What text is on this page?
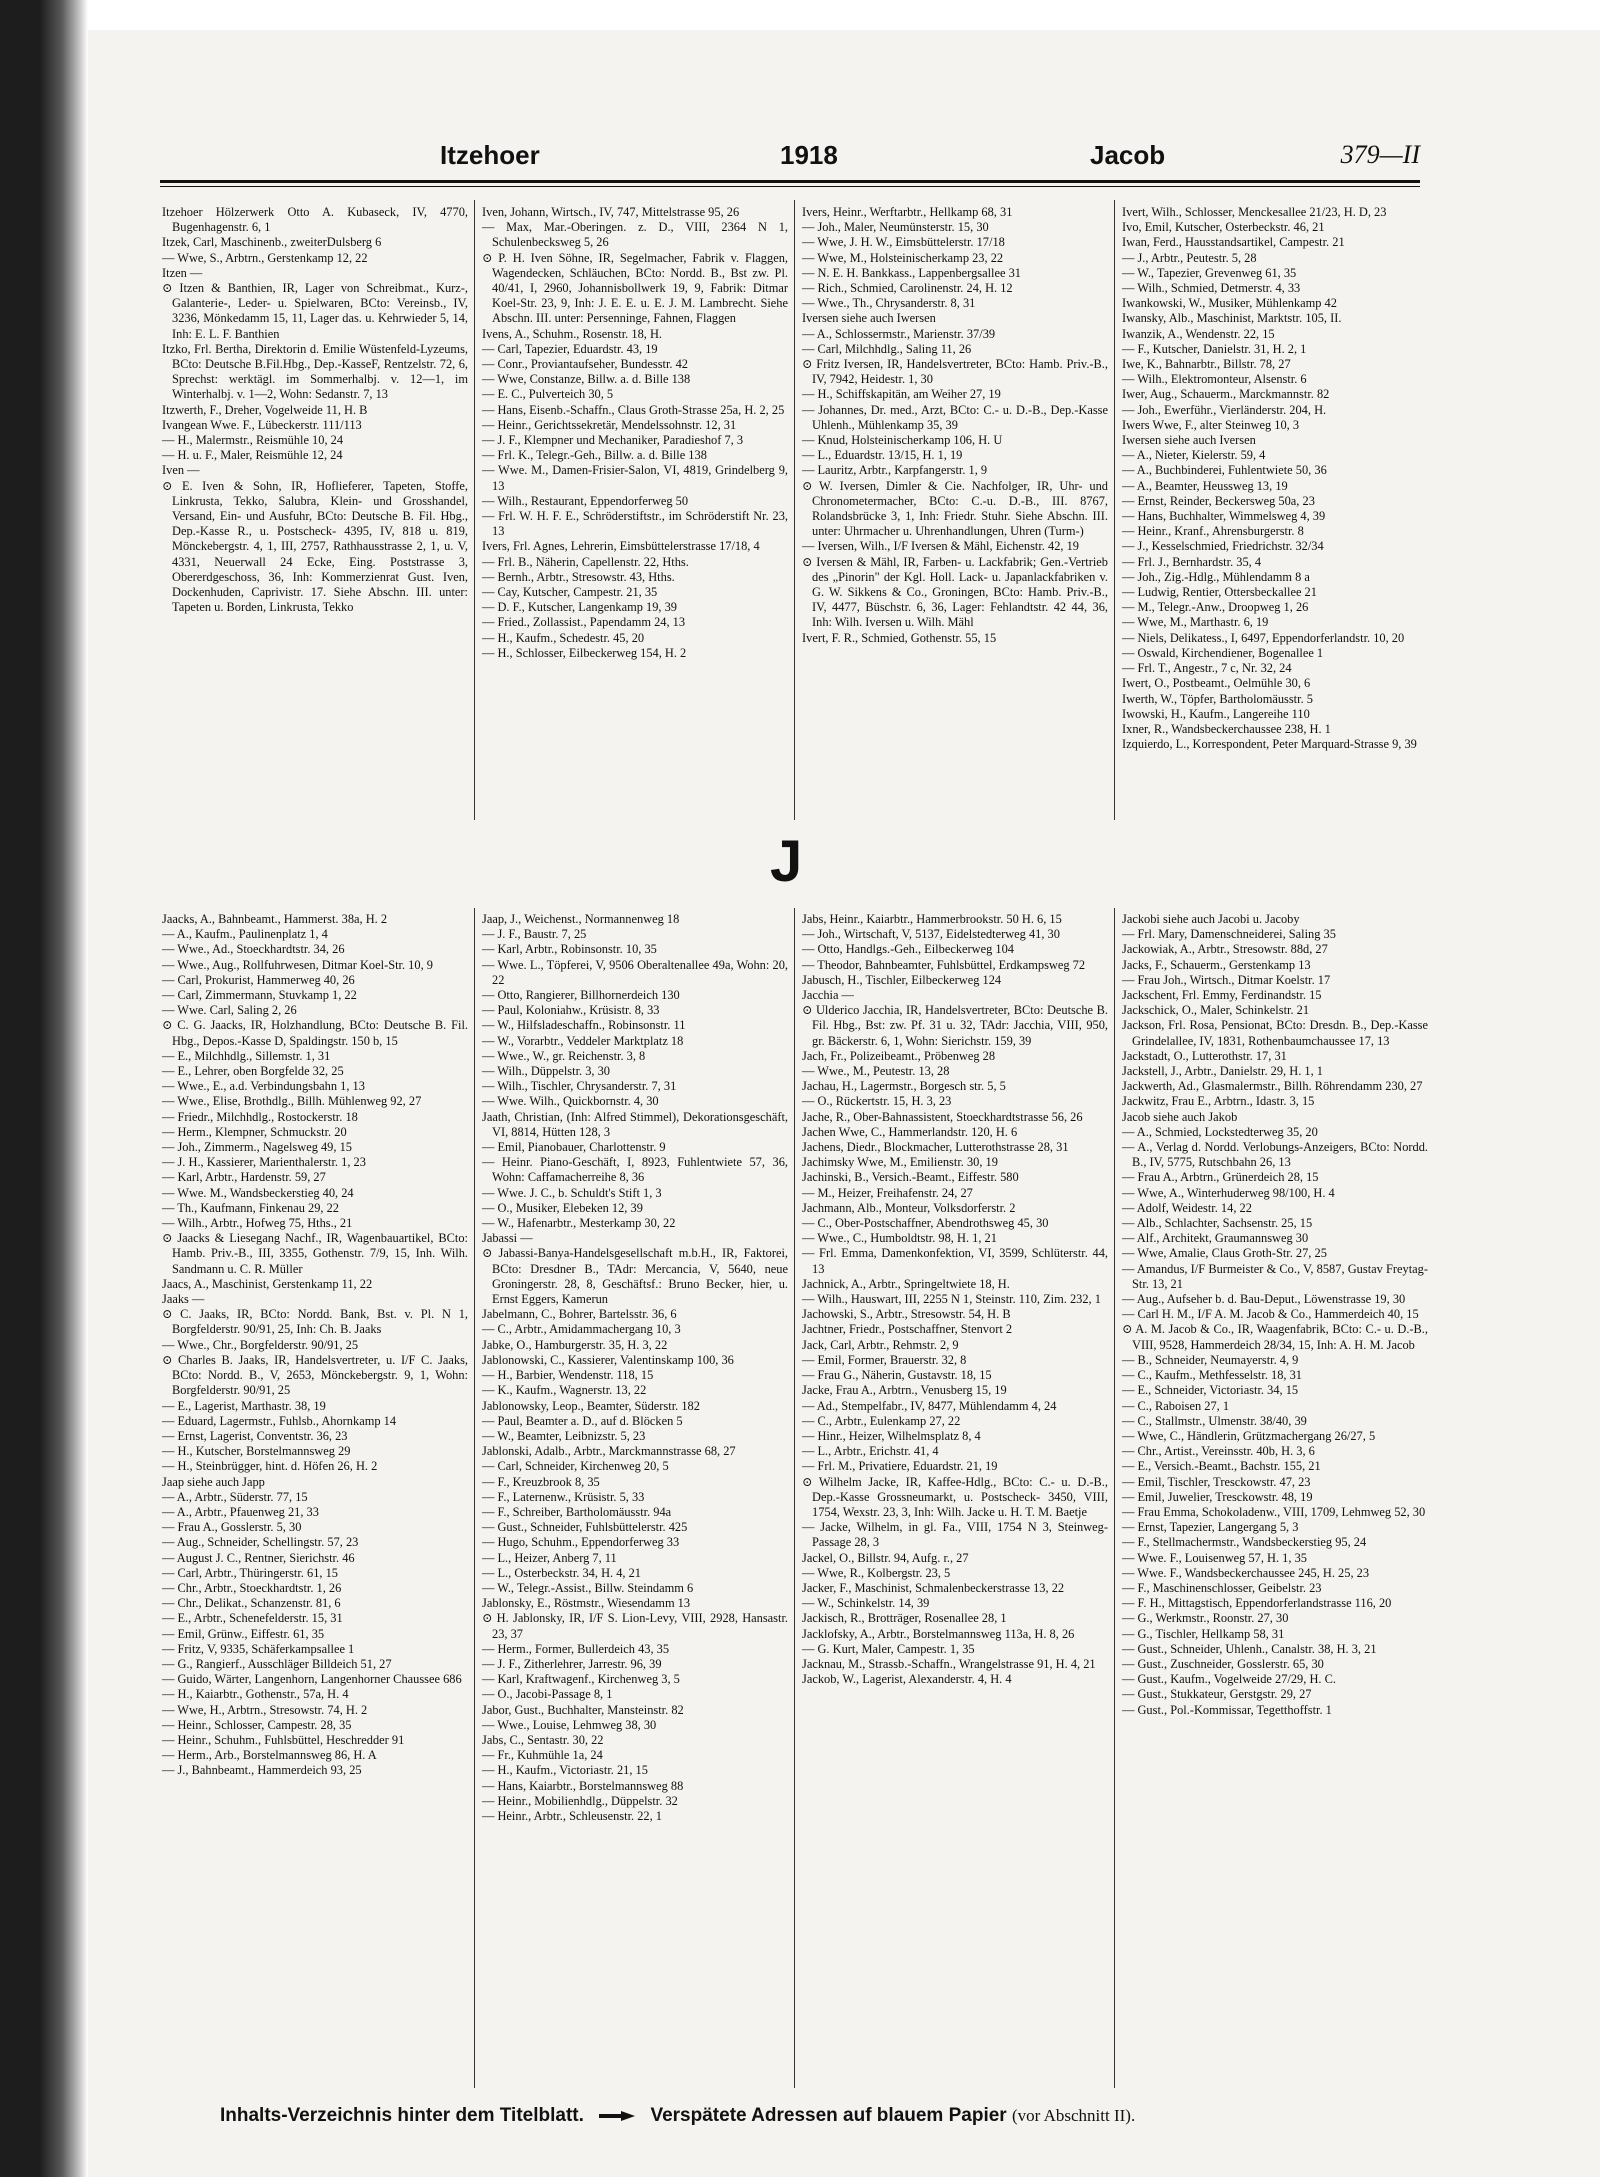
Itzehoer	1918	Jacob	379—II

Itzehoer Hölzerwerk Otto A. Kubaseck, IV, 4770, Bugenhagenstr. 6, 1

Itzek, Carl, Maschinenb., zweiterDulsberg 6

— Wwe, S., Arbtrn., Gerstenkamp 12, 22

Itzen —

⊙ Itzen & Banthien, IR, Lager von Schreibmat., Kurz-, Galanterie-, Leder- u. Spielwaren, BCto: Vereinsb., IV, 3236, Mönkedamm 15, 11, Lager das. u. Kehrwieder 5, 14, Inh: E. L. F. Banthien

Itzko, Frl. Bertha, Direktorin d. Emilie Wüstenfeld-Lyzeums, BCto: Deutsche B.Fil.Hbg., Dep.-KasseF, Rentzelstr. 72, 6, Sprechst: werktägl. im Sommerhalbj. v. 12—1, im Winterhalbj. v. 1—2, Wohn: Sedanstr. 7, 13

Itzwerth, F., Dreher, Vogelweide 11, H. B

Ivangean Wwe. F., Lübeckerstr. 111/113

— H., Malermstr., Reismühle 10, 24

— H. u. F., Maler, Reismühle 12, 24

Iven —

⊙ E. Iven & Sohn, IR, Hoflieferer, Tapeten, Stoffe, Linkrusta, Tekko, Salubra, Klein- und Grosshandel, Versand, Ein- und Ausfuhr, BCto: Deutsche B. Fil. Hbg., Dep.-Kasse R., u. Postscheck- 4395, IV, 818 u. 819, Mönckebergstr. 4, 1, III, 2757, Rathhausstrasse 2, 1, u. V, 4331, Neuerwall 24 Ecke, Eing. Poststrasse 3, Obererdgeschoss, 36, Inh: Kommerzienrat Gust. Iven, Dockenhuden, Caprivistr. 17. Siehe Abschn. III. unter: Tapeten u. Borden, Linkrusta, Tekko

Iven, Johann, Wirtsch., IV, 747, Mittelstrasse 95, 26

— Max, Mar.-Oberingen. z. D., VIII, 2364 N 1, Schulenbecksweg 5, 26

⊙ P. H. Iven Söhne, IR, Segelmacher, Fabrik v. Flaggen, Wagendecken, Schläuchen, BCto: Nordd. B., Bst zw. Pl. 40/41, I, 2960, Johannisbollwerk 19, 9, Fabrik: Ditmar Koel-Str. 23, 9, Inh: J. E. E. u. E. J. M. Lambrecht. Siehe Abschn. III. unter: Persenninge, Fahnen, Flaggen

Ivens, A., Schuhm., Rosenstr. 18, H.

— Carl, Tapezier, Eduardstr. 43, 19

— Conr., Proviantaufseher, Bundesstr. 42

— Wwe, Constanze, Billw. a. d. Bille 138

— E. C., Pulverteich 30, 5

— Hans, Eisenb.-Schaffn., Claus Groth-Strasse 25a, H. 2, 25

— Heinr., Gerichtssekretär, Mendelssohnstr. 12, 31

— J. F., Klempner und Mechaniker, Paradieshof 7, 3

— Frl. K., Telegr.-Geh., Billw. a. d. Bille 138

— Wwe. M., Damen-Frisier-Salon, VI, 4819, Grindelberg 9, 13

— Wilh., Restaurant, Eppendorferweg 50

— Frl. W. H. F. E., Schröderstiftstr., im Schröderstift Nr. 23, 13

Ivers, Frl. Agnes, Lehrerin, Eimsbüttelerstrasse 17/18, 4

— Frl. B., Näherin, Capellenstr. 22, Hths.

— Bernh., Arbtr., Stresowstr. 43, Hths.

— Cay, Kutscher, Campestr. 21, 35

— D. F., Kutscher, Langenkamp 19, 39

— Fried., Zollassist., Papendamm 24, 13

— H., Kaufm., Schedestr. 45, 20

— H., Schlosser, Eilbeckerweg 154, H. 2

Ivers, Heinr., Werftarbtr., Hellkamp 68, 31

— Joh., Maler, Neumünsterstr. 15, 30

— Wwe, J. H. W., Eimsbüttelerstr. 17/18

— Wwe, M., Holsteinischerkamp 23, 22

— N. E. H. Bankkass., Lappenbergsallee 31

— Rich., Schmied, Carolinenstr. 24, H. 12

— Wwe., Th., Chrysanderstr. 8, 31

Iversen siehe auch Iwersen

— A., Schlossermstr., Marienstr. 37/39

— Carl, Milchhdlg., Saling 11, 26

⊙ Fritz Iversen, IR, Handelsvertreter, BCto: Hamb. Priv.-B., IV, 7942, Heidestr. 1, 30

— H., Schiffskapitän, am Weiher 27, 19

— Johannes, Dr. med., Arzt, BCto: C.- u. D.-B., Dep.-Kasse Uhlenh., Mühlenkamp 35, 39

— Knud, Holsteinischerkamp 106, H. U

— L., Eduardstr. 13/15, H. 1, 19

— Lauritz, Arbtr., Karpfangerstr. 1, 9

⊙ W. Iversen, Dimler & Cie. Nachfolger, IR, Uhr- und Chronometermacher, BCto: C.-u. D.-B., III. 8767, Rolandsbrücke 3, 1, Inh: Friedr. Stuhr. Siehe Abschn. III. unter: Uhrmacher u. Uhrenhandlungen, Uhren (Turm-)

— Iversen, Wilh., I/F Iversen & Mähl, Eichenstr. 42, 19

⊙ Iversen & Mähl, IR, Farben- u. Lackfabrik; Gen.-Vertrieb des „Pinorin" der Kgl. Holl. Lack- u. Japanlackfabriken v. G. W. Sikkens & Co., Groningen, BCto: Hamb. Priv.-B., IV, 4477, Büschstr. 6, 36, Lager: Fehlandtstr. 42 44, 36, Inh: Wilh. Iversen u. Wilh. Mähl

Ivert, F. R., Schmied, Gothenstr. 55, 15

Ivert, Wilh., Schlosser, Menckesallee 21/23, H. D, 23

Ivo, Emil, Kutscher, Osterbeckstr. 46, 21

Iwan, Ferd., Hausstandsartikel, Campestr. 21

— J., Arbtr., Peutestr. 5, 28

— W., Tapezier, Grevenweg 61, 35

— Wilh., Schmied, Detmerstr. 4, 33

Iwankowski, W., Musiker, Mühlenkamp 42

Iwansky, Alb., Maschinist, Marktstr. 105, II.

Iwanzik, A., Wendenstr. 22, 15

— F., Kutscher, Danielstr. 31, H. 2, 1

Iwe, K., Bahnarbtr., Billstr. 78, 27

— Wilh., Elektromonteur, Alsenstr. 6

Iwer, Aug., Schauerm., Marckmannstr. 82

— Joh., Ewerführ., Vierländerstr. 204, H.

Iwers Wwe, F., alter Steinweg 10, 3

Iwersen siehe auch Iversen

— A., Nieter, Kielerstr. 59, 4

— A., Buchbinderei, Fuhlentwiete 50, 36

— A., Beamter, Heussweg 13, 19

— Ernst, Reinder, Beckersweg 50a, 23

— Hans, Buchhalter, Wimmelsweg 4, 39

— Heinr., Kranf., Ahrensburgerstr. 8

— J., Kesselschmied, Friedrichstr. 32/34

— Frl. J., Bernhardstr. 35, 4

— Joh., Zig.-Hdlg., Mühlendamm 8 a

— Ludwig, Rentier, Ottersbeckallee 21

— M., Telegr.-Anw., Droopweg 1, 26

— Wwe, M., Marthastr. 6, 19

— Niels, Delikatess., I, 6497, Eppendorferlandstr. 10, 20

— Oswald, Kirchendiener, Bogenallee 1

— Frl. T., Angestr., 7 c, Nr. 32, 24

Iwert, O., Postbeamt., Oelmühle 30, 6

Iwerth, W., Töpfer, Bartholomäusstr. 5

Iwowski, H., Kaufm., Langereihe 110

Ixner, R., Wandsbeckerchaussee 238, H. 1

Izquierdo, L., Korrespondent, Peter Marquard-Strasse 9, 39

J

Jaacks, A., Bahnbeamt., Hammerst. 38a, H. 2

— A., Kaufm., Paulinenplatz 1, 4

— Wwe., Ad., Stoeckhardtstr. 34, 26

— Wwe., Aug., Rollfuhrwesen, Ditmar Koel-Str. 10, 9

— Carl, Prokurist, Hammerweg 40, 26

— Carl, Zimmermann, Stuvkamp 1, 22

— Wwe. Carl, Saling 2, 26

⊙ C. G. Jaacks, IR, Holzhandlung, BCto: Deutsche B. Fil. Hbg., Depos.-Kasse D, Spaldingstr. 150 b, 15

— E., Milchhdlg., Sillemstr. 1, 31

— E., Lehrer, oben Borgfelde 32, 25

— Wwe., E., a.d. Verbindungsbahn 1, 13

— Wwe., Elise, Brothdlg., Billh. Mühlenweg 92, 27

— Friedr., Milchhdlg., Rostockerstr. 18

— Herm., Klempner, Schmuckstr. 20

— Joh., Zimmerm., Nagelsweg 49, 15

— J. H., Kassierer, Marienthalerstr. 1, 23

— Karl, Arbtr., Hardenstr. 59, 27

— Wwe. M., Wandsbeckerstieg 40, 24

— Th., Kaufmann, Finkenau 29, 22

— Wilh., Arbtr., Hofweg 75, Hths., 21

⊙ Jaacks & Liesegang Nachf., IR, Wagenbauartikel, BCto: Hamb. Priv.-B., III, 3355, Gothenstr. 7/9, 15, Inh. Wilh. Sandmann u. C. R. Müller

Jaacs, A., Maschinist, Gerstenkamp 11, 22

Jaaks —

⊙ C. Jaaks, IR, BCto: Nordd. Bank, Bst. v. Pl. N 1, Borgfelderstr. 90/91, 25, Inh: Ch. B. Jaaks

— Wwe., Chr., Borgfelderstr. 90/91, 25

⊙ Charles B. Jaaks, IR, Handelsvertreter, u. I/F C. Jaaks, BCto: Nordd. B., V, 2653, Mönckebergstr. 9, 1, Wohn: Borgfelderstr. 90/91, 25

— E., Lagerist, Marthastr. 38, 19

— Eduard, Lagermstr., Fuhlsb., Ahornkamp 14

— Ernst, Lagerist, Conventstr. 36, 23

— H., Kutscher, Borstelmannsweg 29

— H., Steinbrügger, hint. d. Höfen 26, H. 2

Jaap siehe auch Japp

— A., Arbtr., Süderstr. 77, 15

— A., Arbtr., Pfauenweg 21, 33

— Frau A., Gosslerstr. 5, 30

— Aug., Schneider, Schellingstr. 57, 23

— August J. C., Rentner, Sierichstr. 46

— Carl, Arbtr., Thüringerstr. 61, 15

— Chr., Arbtr., Stoeckhardtstr. 1, 26

— Chr., Delikat., Schanzenstr. 81, 6

— E., Arbtr., Schenefelderstr. 15, 31

— Emil, Grünw., Eiffestr. 61, 35

— Fritz, V, 9335, Schäferkampsallee 1

— G., Rangierf., Ausschläger Billdeich 51, 27

— Guido, Wärter, Langenhorn, Langenhorner Chaussee 686

— H., Kaiarbtr., Gothenstr., 57a, H. 4

— Wwe, H., Arbtrn., Stresowstr. 74, H. 2

— Heinr., Schlosser, Campestr. 28, 35

— Heinr., Schuhm., Fuhlsbüttel, Heschredder 91

— Herm., Arb., Borstelmannsweg 86, H. A

— J., Bahnbeamt., Hammerdeich 93, 25

Jaap, J., Weichenst., Normannenweg 18

— J. F., Baustr. 7, 25

— Karl, Arbtr., Robinsonstr. 10, 35

— Wwe. L., Töpferei, V, 9506 Oberaltenallee 49a, Wohn: 20, 22

— Otto, Rangierer, Billhornerdeich 130

— Paul, Koloniahw., Krüsistr. 8, 33

— W., Hilfsladeschaffn., Robinsonstr. 11

— W., Vorarbtr., Veddeler Marktplatz 18

— Wwe., W., gr. Reichenstr. 3, 8

— Wilh., Düppelstr. 3, 30

— Wilh., Tischler, Chrysanderstr. 7, 31

— Wwe. Wilh., Quickbornstr. 4, 30

Jaath, Christian, (Inh: Alfred Stimmel), Dekorationsgeschäft, VI, 8814, Hütten 128, 3

— Emil, Pianobauer, Charlottenstr. 9

— Heinr. Piano-Geschäft, I, 8923, Fuhlentwiete 57, 36, Wohn: Caffamacherreihe 8, 36

— Wwe. J. C., b. Schuldt's Stift 1, 3

— O., Musiker, Elebeken 12, 39

— W., Hafenarbtr., Mesterkamp 30, 22

Jabassi —

⊙ Jabassi-Banya-Handelsgesellschaft m.b.H., IR, Faktorei, BCto: Dresdner B., TAdr: Mercancia, V, 5640, neue Groningerstr. 28, 8, Geschäftsf.: Bruno Becker, hier, u. Ernst Eggers, Kamerun

Jabelmann, C., Bohrer, Bartelsstr. 36, 6

— C., Arbtr., Amidammachergang 10, 3

Jabke, O., Hamburgerstr. 35, H. 3, 22

Jablonowski, C., Kassierer, Valentinskamp 100, 36

— H., Barbier, Wendenstr. 118, 15

— K., Kaufm., Wagnerstr. 13, 22

Jablonowsky, Leop., Beamter, Süderstr. 182

— Paul, Beamter a. D., auf d. Blöcken 5

— W., Beamter, Leibnizstr. 5, 23

Jablonski, Adalb., Arbtr., Marckmannstrasse 68, 27

— Carl, Schneider, Kirchenweg 20, 5

— F., Kreuzbrook 8, 35

— F., Laternenw., Krüsistr. 5, 33

— F., Schreiber, Bartholomäusstr. 94a

— Gust., Schneider, Fuhlsbüttelerstr. 425

— Hugo, Schuhm., Eppendorferweg 33

— L., Heizer, Anberg 7, 11

— L., Osterbeckstr. 34, H. 4, 21

— W., Telegr.-Assist., Billw. Steindamm 6

Jablonsky, E., Röstmstr., Wiesendamm 13

⊙ H. Jablonsky, IR, I/F S. Lion-Levy, VIII, 2928, Hansastr. 23, 37

— Herm., Former, Bullerdeich 43, 35

— J. F., Zitherlehrer, Jarrestr. 96, 39

— Karl, Kraftwagenf., Kirchenweg 3, 5

— O., Jacobi-Passage 8, 1

Jabor, Gust., Buchhalter, Mansteinstr. 82

— Wwe., Louise, Lehmweg 38, 30

Jabs, C., Sentastr. 30, 22

— Fr., Kuhmühle 1a, 24

— H., Kaufm., Victoriastr. 21, 15

— Hans, Kaiarbtr., Borstelmannsweg 88

— Heinr., Mobilienhdlg., Düppelstr. 32

— Heinr., Arbtr., Schleusenstr. 22, 1

Jabs, Heinr., Kaiarbtr., Hammerbrookstr. 50 H. 6, 15

— Joh., Wirtschaft, V, 5137, Eidelstedterweg 41, 30

— Otto, Handlgs.-Geh., Eilbeckerweg 104

— Theodor, Bahnbeamter, Fuhlsbüttel, Erdkampsweg 72

Jabusch, H., Tischler, Eilbeckerweg 124

Jacchia —

⊙ Ulderico Jacchia, IR, Handelsvertreter, BCto: Deutsche B. Fil. Hbg., Bst: zw. Pf. 31 u. 32, TAdr: Jacchia, VIII, 950, gr. Bäckerstr. 6, 1, Wohn: Sierichstr. 159, 39

Jach, Fr., Polizeibeamt., Pröbenweg 28

— Wwe., M., Peutestr. 13, 28

Jachau, H., Lagermstr., Borgesch str. 5, 5

— O., Rückertstr. 15, H. 3, 23

Jache, R., Ober-Bahnassistent, Stoeckhardtstrasse 56, 26

Jachen Wwe, C., Hammerlandstr. 120, H. 6

Jachens, Diedr., Blockmacher, Lutterothstrasse 28, 31

Jachimsky Wwe, M., Emilienstr. 30, 19

Jachinski, B., Versich.-Beamt., Eiffestr. 580

— M., Heizer, Freihafenstr. 24, 27

Jachmann, Alb., Monteur, Volksdorferstr. 2

— C., Ober-Postschaffner, Abendrothsweg 45, 30

— Wwe., C., Humboldtstr. 98, H. 1, 21

— Frl. Emma, Damenkonfektion, VI, 3599, Schlüterstr. 44, 13

Jachnick, A., Arbtr., Springeltwiete 18, H.

— Wilh., Hauswart, III, 2255 N 1, Steinstr. 110, Zim. 232, 1

Jachowski, S., Arbtr., Stresowstr. 54, H. B

Jachtner, Friedr., Postschaffner, Stenvort 2

Jack, Carl, Arbtr., Rehmstr. 2, 9

— Emil, Former, Brauerstr. 32, 8

— Frau G., Näherin, Gustavstr. 18, 15

Jacke, Frau A., Arbtrn., Venusberg 15, 19

— Ad., Stempelfabr., IV, 8477, Mühlendamm 4, 24

— C., Arbtr., Eulenkamp 27, 22

— Hinr., Heizer, Wilhelmsplatz 8, 4

— L., Arbtr., Erichstr. 41, 4

— Frl. M., Privatiere, Eduardstr. 21, 19

⊙ Wilhelm Jacke, IR, Kaffee-Hdlg., BCto: C.- u. D.-B., Dep.-Kasse Grossneumarkt, u. Postscheck- 3450, VIII, 1754, Wexstr. 23, 3, Inh: Wilh. Jacke u. H. T. M. Baetje

— Jacke, Wilhelm, in gl. Fa., VIII, 1754 N 3, Steinweg-Passage 28, 3

Jackel, O., Billstr. 94, Aufg. r., 27

— Wwe, R., Kolbergstr. 23, 5

Jacker, F., Maschinist, Schmalenbeckerstrasse 13, 22

— W., Schinkelstr. 14, 39

Jackisch, R., Brotträger, Rosenallee 28, 1

Jacklofsky, A., Arbtr., Borstelmannsweg 113a, H. 8, 26

— G. Kurt, Maler, Campestr. 1, 35

Jacknau, M., Strassb.-Schaffn., Wrangelstrasse 91, H. 4, 21

Jackob, W., Lagerist, Alexanderstr. 4, H. 4

Jackobi siehe auch Jacobi u. Jacoby

— Frl. Mary, Damenschneiderei, Saling 35

Jackowiak, A., Arbtr., Stresowstr. 88d, 27

Jacks, F., Schauerm., Gerstenkamp 13

— Frau Joh., Wirtsch., Ditmar Koelstr. 17

Jackschent, Frl. Emmy, Ferdinandstr. 15

Jackschick, O., Maler, Schinkelstr. 21

Jackson, Frl. Rosa, Pensionat, BCto: Dresdn. B., Dep.-Kasse Grindelallee, IV, 1831, Rothenbaumchaussee 17, 13

Jackstadt, O., Lutterothstr. 17, 31

Jackstell, J., Arbtr., Danielstr. 29, H. 1, 1

Jackwerth, Ad., Glasmalermstr., Billh. Röhrendamm 230, 27

Jackwitz, Frau E., Arbtrn., Idastr. 3, 15

Jacob siehe auch Jakob

— A., Schmied, Lockstedterweg 35, 20

— A., Verlag d. Nordd. Verlobungs-Anzeigers, BCto: Nordd. B., IV, 5775, Rutschbahn 26, 13

— Frau A., Arbtrn., Grünerdeich 28, 15

— Wwe, A., Winterhuderweg 98/100, H. 4

— Adolf, Weidestr. 14, 22

— Alb., Schlachter, Sachsenstr. 25, 15

— Alf., Architekt, Graumannsweg 30

— Wwe, Amalie, Claus Groth-Str. 27, 25

— Amandus, I/F Burmeister & Co., V, 8587, Gustav Freytag-Str. 13, 21

— Aug., Aufseher b. d. Bau-Deput., Löwenstrasse 19, 30

— Carl H. M., I/F A. M. Jacob & Co., Hammerdeich 40, 15

⊙ A. M. Jacob & Co., IR, Waagenfabrik, BCto: C.- u. D.-B., VIII, 9528, Hammerdeich 28/34, 15, Inh: A. H. M. Jacob

— B., Schneider, Neumayerstr. 4, 9

— C., Kaufm., Methfesselstr. 18, 31

— E., Schneider, Victoriastr. 34, 15

— C., Raboisen 27, 1

— C., Stallmstr., Ulmenstr. 38/40, 39

— Wwe, C., Händlerin, Grützmachergang 26/27, 5

— Chr., Artist., Vereinsstr. 40b, H. 3, 6

— E., Versich.-Beamt., Bachstr. 155, 21

— Emil, Tischler, Tresckowstr. 47, 23

— Emil, Juwelier, Tresckowstr. 48, 19

— Frau Emma, Schokoladenw., VIII, 1709, Lehmweg 52, 30

— Ernst, Tapezier, Langergang 5, 3

— F., Stellmachermstr., Wandsbeckerstieg 95, 24

— Wwe. F., Louisenweg 57, H. 1, 35

— Wwe. F., Wandsbeckerchaussee 245, H. 25, 23

— F., Maschinenschlosser, Geibelstr. 23

— F. H., Mittagstisch, Eppendorferlandstrasse 116, 20

— G., Werkmstr., Roonstr. 27, 30

— G., Tischler, Hellkamp 58, 31

— Gust., Schneider, Uhlenh., Canalstr. 38, H. 3, 21

— Gust., Zuschneider, Gosslerstr. 65, 30

— Gust., Kaufm., Vogelweide 27/29, H. C.

— Gust., Stukkateur, Gerstgstr. 29, 27

— Gust., Pol.-Kommissar, Tegetthoffstr. 1

Inhalts-Verzeichnis hinter dem Titelblatt.	Verspätete Adressen auf blauem Papier (vor Abschnitt II).
